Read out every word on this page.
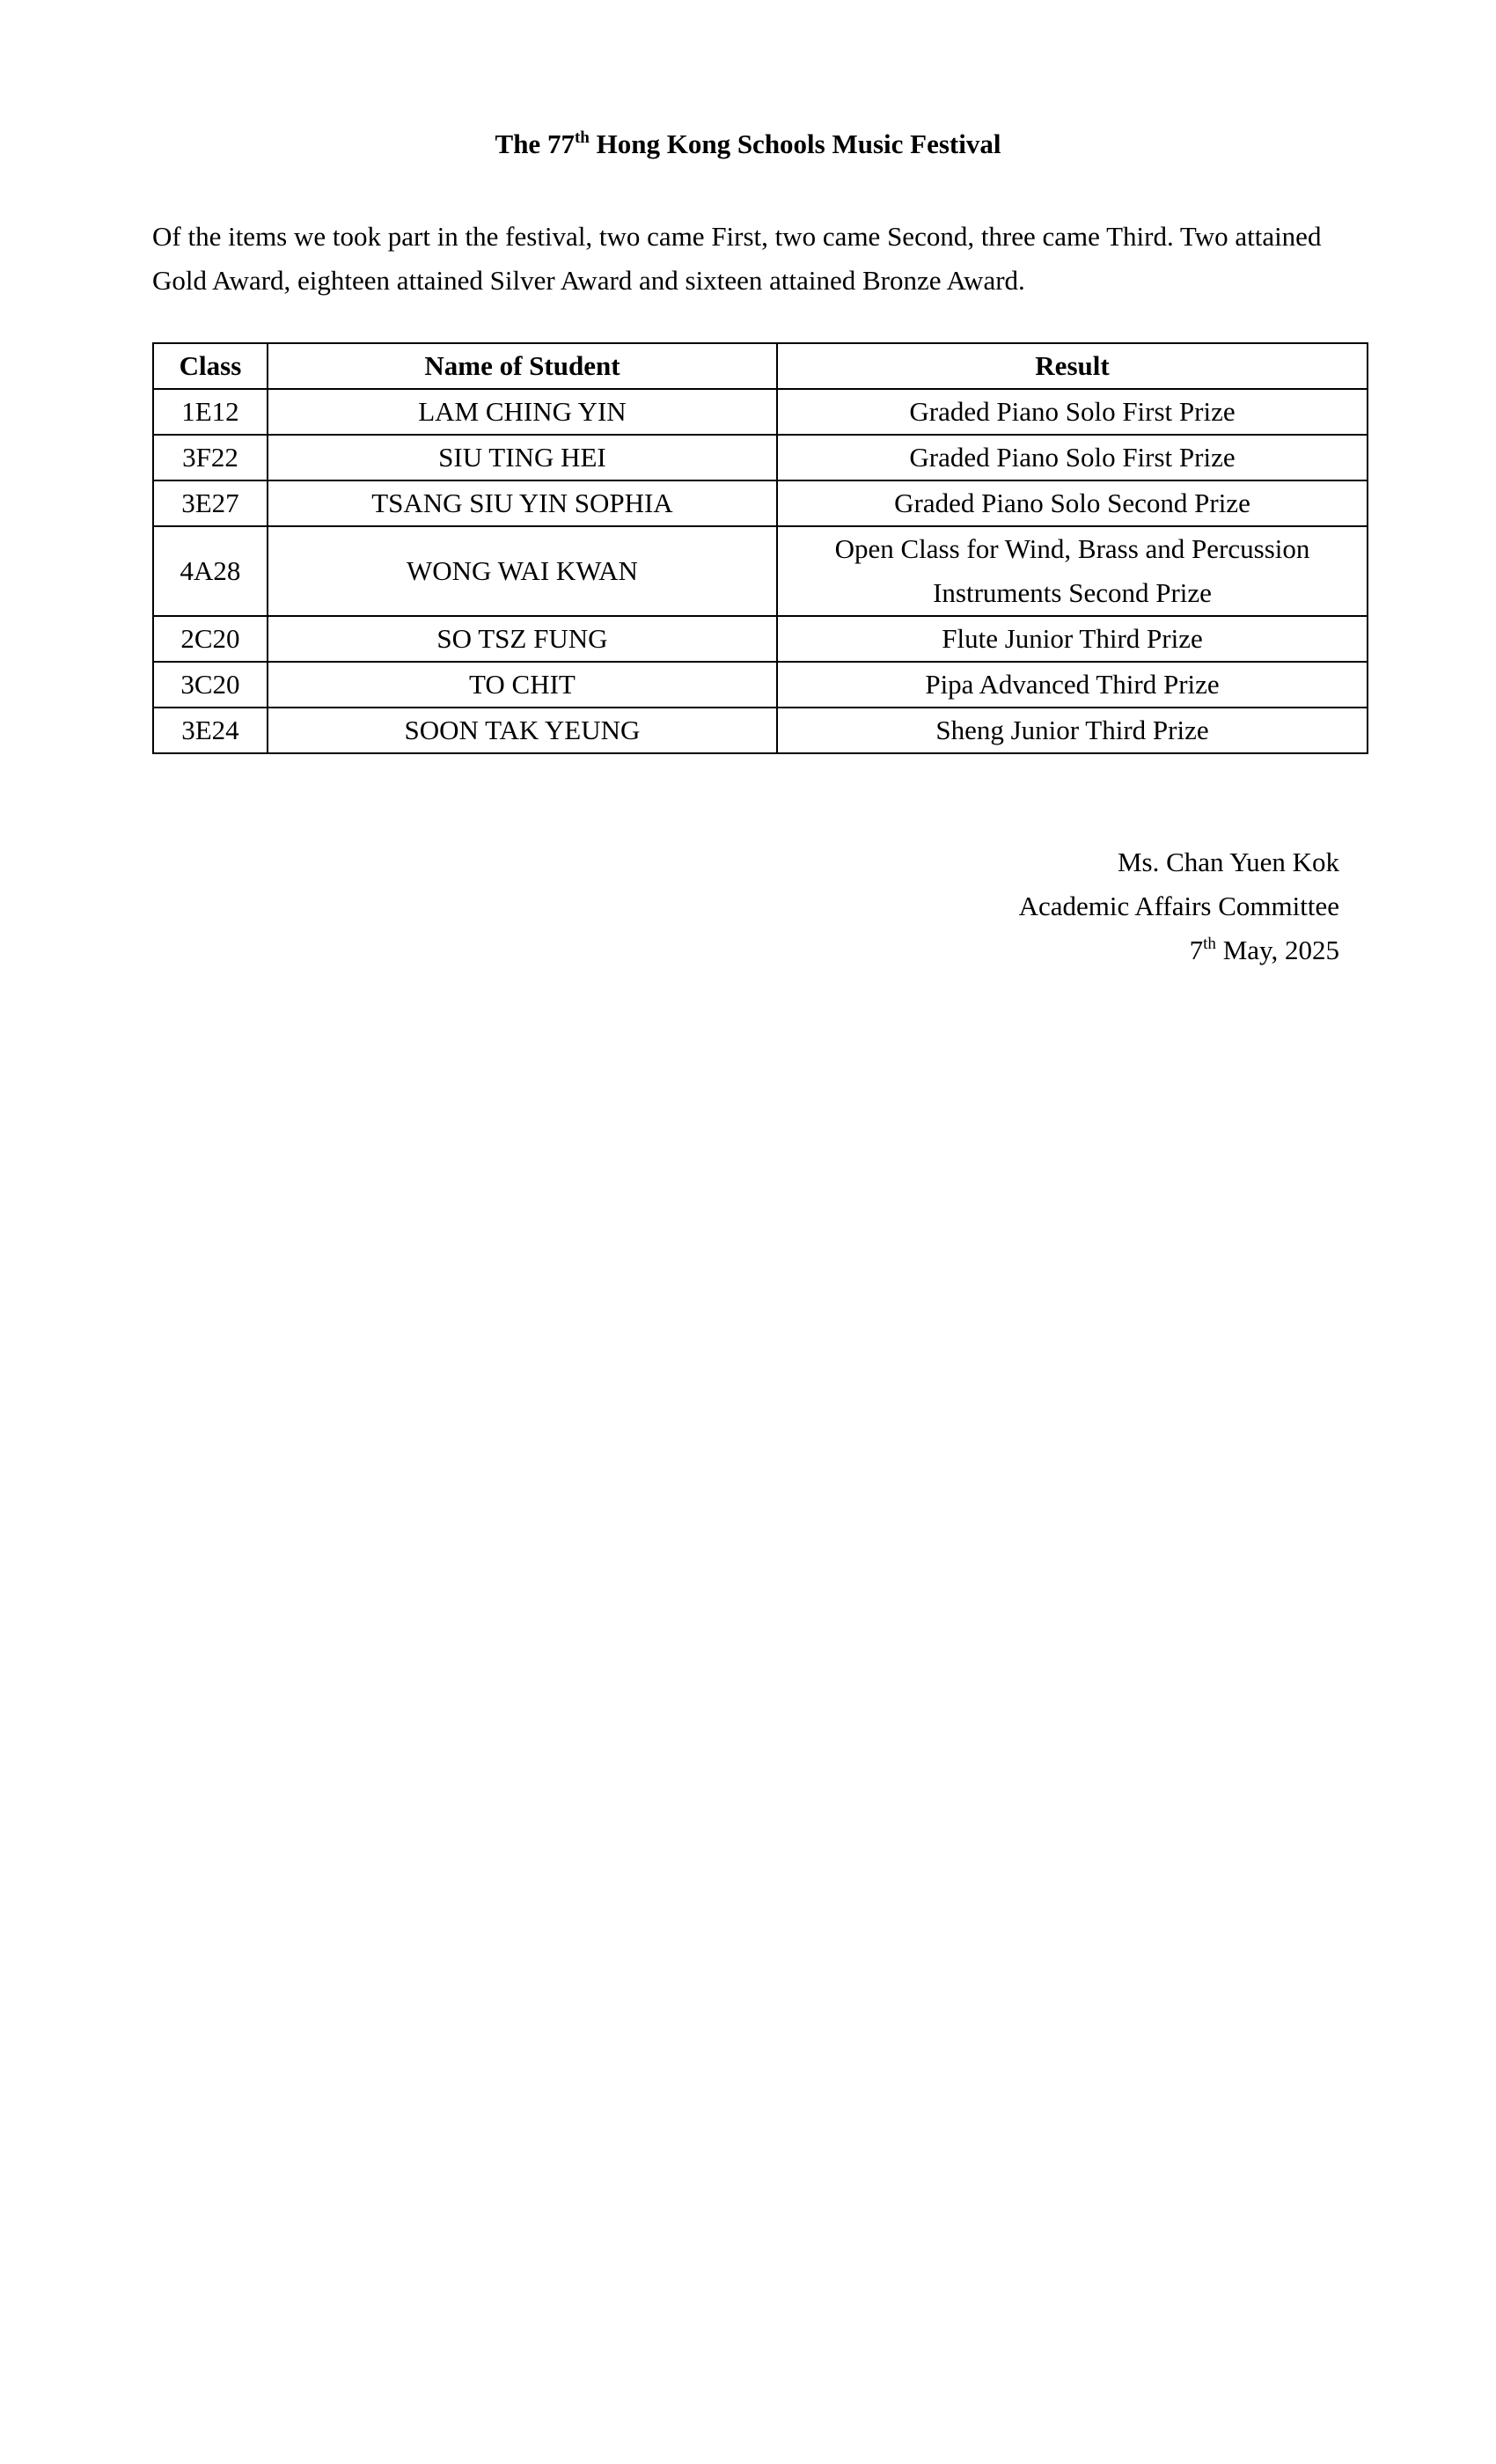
The 77th Hong Kong Schools Music Festival

Of the items we took part in the festival, two came First, two came Second, three came Third. Two attained Gold Award, eighteen attained Silver Award and sixteen attained Bronze Award.

Class	Name of Student	Result
1E12	LAM CHING YIN	Graded Piano Solo First Prize
3F22	SIU TING HEI	Graded Piano Solo First Prize
3E27	TSANG SIU YIN SOPHIA	Graded Piano Solo Second Prize
4A28	WONG WAI KWAN	Open Class for Wind, Brass and Percussion
Instruments Second Prize
2C20	SO TSZ FUNG	Flute Junior Third Prize
3C20	TO CHIT	Pipa Advanced Third Prize
3E24	SOON TAK YEUNG	Sheng Junior Third Prize
Ms. Chan Yuen Kok
Academic Affairs Committee
7th May, 2025
